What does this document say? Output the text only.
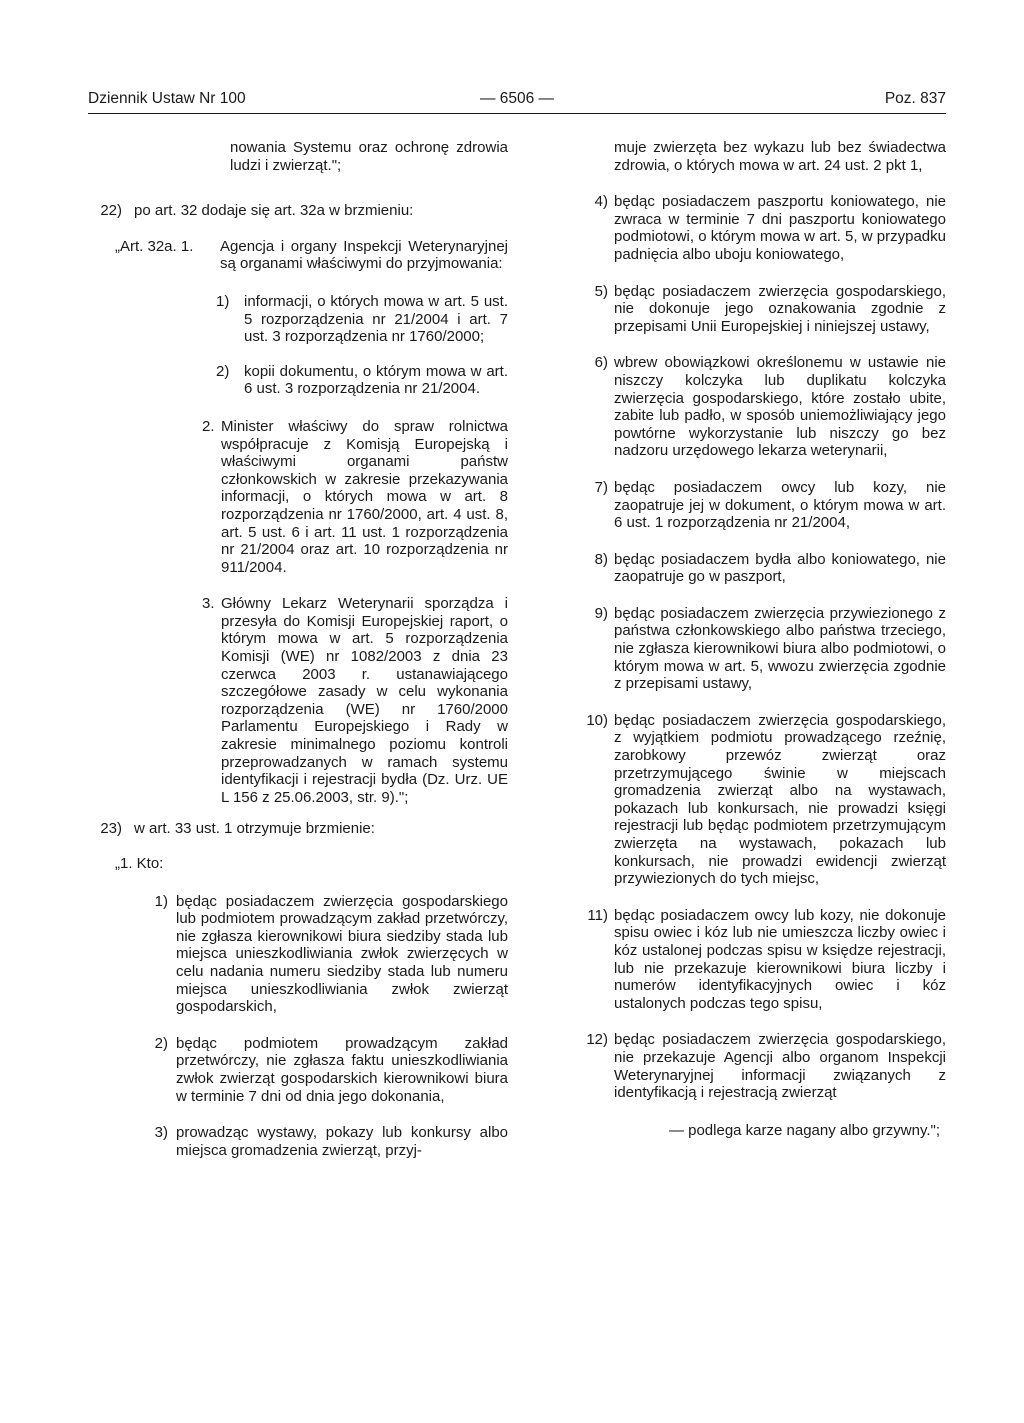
Dziennik Ustaw Nr 100	— 6506 —	Poz. 837
nowania Systemu oraz ochronę zdrowia ludzi i zwierząt.";
22) po art. 32 dodaje się art. 32a w brzmieniu:
„Art. 32a. 1. Agencja i organy Inspekcji Weterynaryjnej są organami właściwymi do przyjmowania:
1) informacji, o których mowa w art. 5 ust. 5 rozporządzenia nr 21/2004 i art. 7 ust. 3 rozporządzenia nr 1760/2000;
2) kopii dokumentu, o którym mowa w art. 6 ust. 3 rozporządzenia nr 21/2004.
2. Minister właściwy do spraw rolnictwa współpracuje z Komisją Europejską i właściwymi organami państw członkowskich w zakresie przekazywania informacji, o których mowa w art. 8 rozporządzenia nr 1760/2000, art. 4 ust. 8, art. 5 ust. 6 i art. 11 ust. 1 rozporządzenia nr 21/2004 oraz art. 10 rozporządzenia nr 911/2004.
3. Główny Lekarz Weterynarii sporządza i przesyła do Komisji Europejskiej raport, o którym mowa w art. 5 rozporządzenia Komisji (WE) nr 1082/2003 z dnia 23 czerwca 2003 r. ustanawiającego szczegółowe zasady w celu wykonania rozporządzenia (WE) nr 1760/2000 Parlamentu Europejskiego i Rady w zakresie minimalnego poziomu kontroli przeprowadzanych w ramach systemu identyfikacji i rejestracji bydła (Dz. Urz. UE L 156 z 25.06.2003, str. 9).";
23) w art. 33 ust. 1 otrzymuje brzmienie:
„1. Kto:
1) będąc posiadaczem zwierzęcia gospodarskiego lub podmiotem prowadzącym zakład przetwórczy, nie zgłasza kierownikowi biura siedziby stada lub miejsca unieszkodliwiania zwłok zwierzęcych w celu nadania numeru siedziby stada lub numeru miejsca unieszkodliwiania zwłok zwierząt gospodarskich,
2) będąc podmiotem prowadzącym zakład przetwórczy, nie zgłasza faktu unieszkodliwiania zwłok zwierząt gospodarskich kierownikowi biura w terminie 7 dni od dnia jego dokonania,
3) prowadząc wystawy, pokazy lub konkursy albo miejsca gromadzenia zwierząt, przyj-
muje zwierzęta bez wykazu lub bez świadectwa zdrowia, o których mowa w art. 24 ust. 2 pkt 1,
4) będąc posiadaczem paszportu koniowatego, nie zwraca w terminie 7 dni paszportu koniowatego podmiotowi, o którym mowa w art. 5, w przypadku padnięcia albo uboju koniowatego,
5) będąc posiadaczem zwierzęcia gospodarskiego, nie dokonuje jego oznakowania zgodnie z przepisami Unii Europejskiej i niniejszej ustawy,
6) wbrew obowiązkowi określonemu w ustawie nie niszczy kolczyka lub duplikatu kolczyka zwierzęcia gospodarskiego, które zostało ubite, zabite lub padło, w sposób uniemożliwiający jego powtórne wykorzystanie lub niszczy go bez nadzoru urzędowego lekarza weterynarii,
7) będąc posiadaczem owcy lub kozy, nie zaopatruje jej w dokument, o którym mowa w art. 6 ust. 1 rozporządzenia nr 21/2004,
8) będąc posiadaczem bydła albo koniowatego, nie zaopatruje go w paszport,
9) będąc posiadaczem zwierzęcia przywiezionego z państwa członkowskiego albo państwa trzeciego, nie zgłasza kierownikowi biura albo podmiotowi, o którym mowa w art. 5, wwozu zwierzęcia zgodnie z przepisami ustawy,
10) będąc posiadaczem zwierzęcia gospodarskiego, z wyjątkiem podmiotu prowadzącego rzeźnię, zarobkowy przewóz zwierząt oraz przetrzymującego świnie w miejscach gromadzenia zwierząt albo na wystawach, pokazach lub konkursach, nie prowadzi księgi rejestracji lub będąc podmiotem przetrzymującym zwierzęta na wystawach, pokazach lub konkursach, nie prowadzi ewidencji zwierząt przywiezionych do tych miejsc,
11) będąc posiadaczem owcy lub kozy, nie dokonuje spisu owiec i kóz lub nie umieszcza liczby owiec i kóz ustalonej podczas spisu w księdze rejestracji, lub nie przekazuje kierownikowi biura liczby i numerów identyfikacyjnych owiec i kóz ustalonych podczas tego spisu,
12) będąc posiadaczem zwierzęcia gospodarskiego, nie przekazuje Agencji albo organom Inspekcji Weterynaryjnej informacji związanych z identyfikacją i rejestracją zwierząt
— podlega karze nagany albo grzywny.";
